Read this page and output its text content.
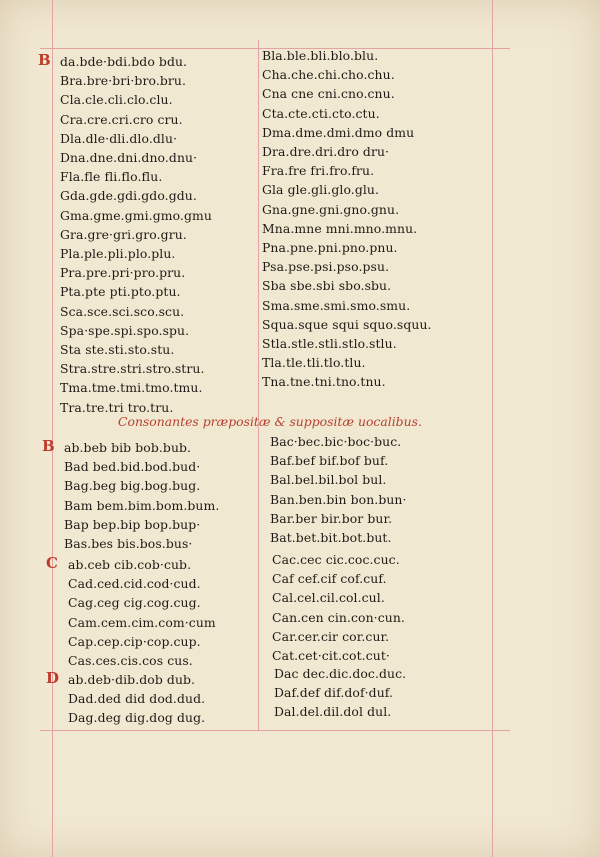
B da.bde·bdi.bdo bdu.
Bra.bre·bri·bro.bru.
Cla.cle.cli.clo.clu.
Cra.cre.cri.cro cru.
Dla.dle·dli.dlo.dlu·
Dna.dne.dni.dno.dnu·
Fla.fle fli.flo.flu.
Gda.gde.gdi.gdo.gdu.
Gma.gme.gmi.gmo.gmu
Gra.gre·gri.gro.gru.
Pla.ple.pli.plo.plu.
Pra.pre.pri·pro.pru.
Pta.pte pti.pto.ptu.
Sca.sce.sci.sco.scu.
Spa·spe.spi.spo.spu.
Sta ste.sti.sto.stu.
Stra.stre.stri.stro.stru.
Tma.tme.tmi.tmo.tmu.
Tra.tre.tri tro.tru.
Bla.ble.bli.blo.blu.
Cha.che.chi.cho.chu.
Cna cne cni.cno.cnu.
Cta.cte.cti.cto.ctu.
Dma.dme.dmi.dmo dmu
Dra.dre.dri.dro dru·
Fra.fre fri.fro.fru.
Gla gle.gli.glo.glu.
Gna.gne.gni.gno.gnu.
Mna.mne mni.mno.mnu.
Pna.pne.pni.pno.pnu.
Psa.pse.psi.pso.psu.
Sba sbe.sbi sbo.sbu.
Sma.sme.smi.smo.smu.
Squa.sque squi squo.squu.
Stla.stle.stli.stlo.stlu.
Tla.tle.tli.tlo.tlu.
Tna.tne.tni.tno.tnu.
Consonantes præpositæ & suppositæ uocalibus.
B ab.beb bib bob.bub.
Bad bed.bid.bod.bud·
Bag.beg big.bog.bug.
Bam bem.bim.bom.bum.
Bap bep.bip bop.bup·
Bas.bes bis.bos.bus·
Bac·bec.bic·boc·buc.
Baf.bef bif.bof buf.
Bal.bel.bil.bol bul.
Ban.ben.bin bon.bun·
Bar.ber bir.bor bur.
Bat.bet.bit.bot.but.
C ab.ceb cib.cob·cub.
Cad.ced.cid.cod·cud.
Cag.ceg cig.cog.cug.
Cam.cem.cim.com·cum
Cap.cep.cip·cop.cup.
Cas.ces.cis.cos cus.
Cac.cec cic.coc.cuc.
Caf cef.cif cof.cuf.
Cal.cel.cil.col.cul.
Can.cen cin.con·cun.
Car.cer.cir cor.cur.
Cat.cet·cit.cot.cut·
D ab.deb·dib.dob dub.
Dad.ded did dod.dud.
Dag.deg dig.dog dug.
Dac dec.dic.doc.duc.
Daf.def dif.dof·duf.
Dal.del.dil.dol dul.
